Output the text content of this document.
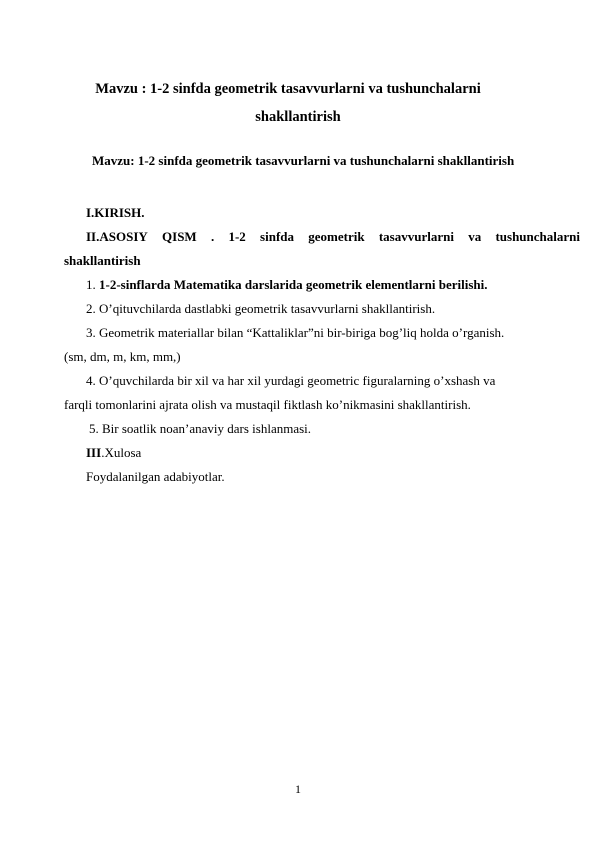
Mavzu : 1-2 sinfda geometrik tasavvurlarni va tushunchalarni
shakllantirish
Mavzu: 1-2 sinfda geometrik tasavvurlarni va tushunchalarni shakllantirish
I.KIRISH.
II.ASOSIY QISM . 1-2 sinfda geometrik tasavvurlarni va tushunchalarni
shakllantirish
1. 1-2-sinflarda Matematika darslarida geometrik elementlarni berilishi.
2. O’qituvchilarda dastlabki geometrik tasavvurlarni shakllantirish.
3. Geometrik materiallar bilan “Kattaliklar”ni bir-biriga bog’liq holda o’rganish.
(sm, dm, m, km, mm,)
4. O’quvchilarda bir xil va har xil yurdagi geometric figuralarning o’xshash va
farqli tomonlarini ajrata olish va mustaqil fiktlash ko’nikmasini shakllantirish.
5. Bir soatlik noan’anaviy dars ishlanmasi.
III.Xulosa
Foydalanilgan adabiyotlar.
1
